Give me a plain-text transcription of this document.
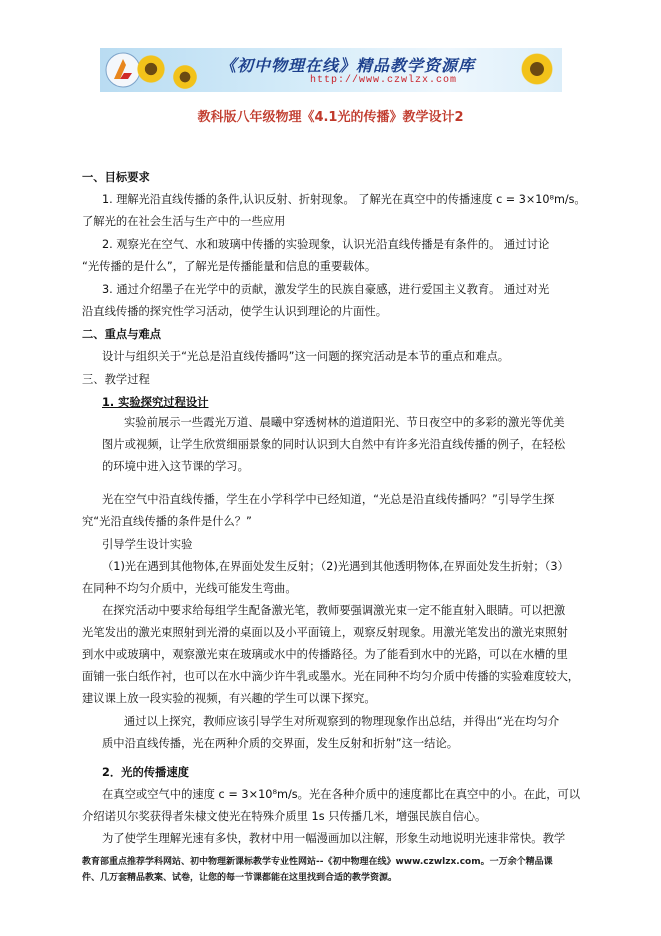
《初中物理在线》精品教学资源库
http://www.czwlzx.com
教科版八年级物理《4.1光的传播》教学设计2

一、目标要求

1. 理解光沿直线传播的条件,认识反射、折射现象。 了解光在真空中的传播速度 c = 3×10⁸m/s。

了解光的在社会生活与生产中的一些应用

2. 观察光在空气、水和玻璃中传播的实验现象，认识光沿直线传播是有条件的。 通过讨论

“光传播的是什么”，了解光是传播能量和信息的重要载体。

3. 通过介绍墨子在光学中的贡献，激发学生的民族自豪感，进行爱国主义教育。 通过对光

沿直线传播的探究性学习活动，使学生认识到理论的片面性。

二、重点与难点

设计与组织关于“光总是沿直线传播吗”这一问题的探究活动是本节的重点和难点。

三、教学过程

1. 实验探究过程设计

实验前展示一些霞光万道、晨曦中穿透树林的道道阳光、节日夜空中的多彩的激光等优美

图片或视频，让学生欣赏细丽景象的同时认识到大自然中有许多光沿直线传播的例子，在轻松

的环境中进入这节课的学习。

光在空气中沿直线传播，学生在小学科学中已经知道，“光总是沿直线传播吗？”引导学生探

究“光沿直线传播的条件是什么？”

引导学生设计实验

（1)光在遇到其他物体,在界面处发生反射；（2)光遇到其他透明物体,在界面处发生折射；（3）

在同种不均匀介质中，光线可能发生弯曲。

在探究活动中要求给每组学生配备激光笔，教师要强调激光束一定不能直射入眼睛。可以把激

光笔发出的激光束照射到光滑的桌面以及小平面镜上，观察反射现象。用激光笔发出的激光束照射

到水中或玻璃中，观察激光束在玻璃或水中的传播路径。为了能看到水中的光路，可以在水槽的里

面铺一张白纸作衬，也可以在水中滴少许牛乳或墨水。光在同种不均匀介质中传播的实验难度较大，

建议课上放一段实验的视频，有兴趣的学生可以课下探究。

通过以上探究，教师应该引导学生对所观察到的物理现象作出总结，并得出“光在均匀介

质中沿直线传播，光在两种介质的交界面，发生反射和折射”这一结论。

2．光的传播速度

在真空或空气中的速度 c = 3×10⁸m/s。光在各种介质中的速度都比在真空中的小。在此，可以

介绍诺贝尔奖获得者朱棣文使光在特殊介质里 1s 只传播几米，增强民族自信心。

为了使学生理解光速有多快，教材中用一幅漫画加以注解，形象生动地说明光速非常快。教学

教育部重点推荐学科网站、初中物理新课标教学专业性网站--《初中物理在线》www.czwlzx.com。一万余个精品课
件、几万套精品教案、试卷，让您的每一节课都能在这里找到合适的教学资源。
